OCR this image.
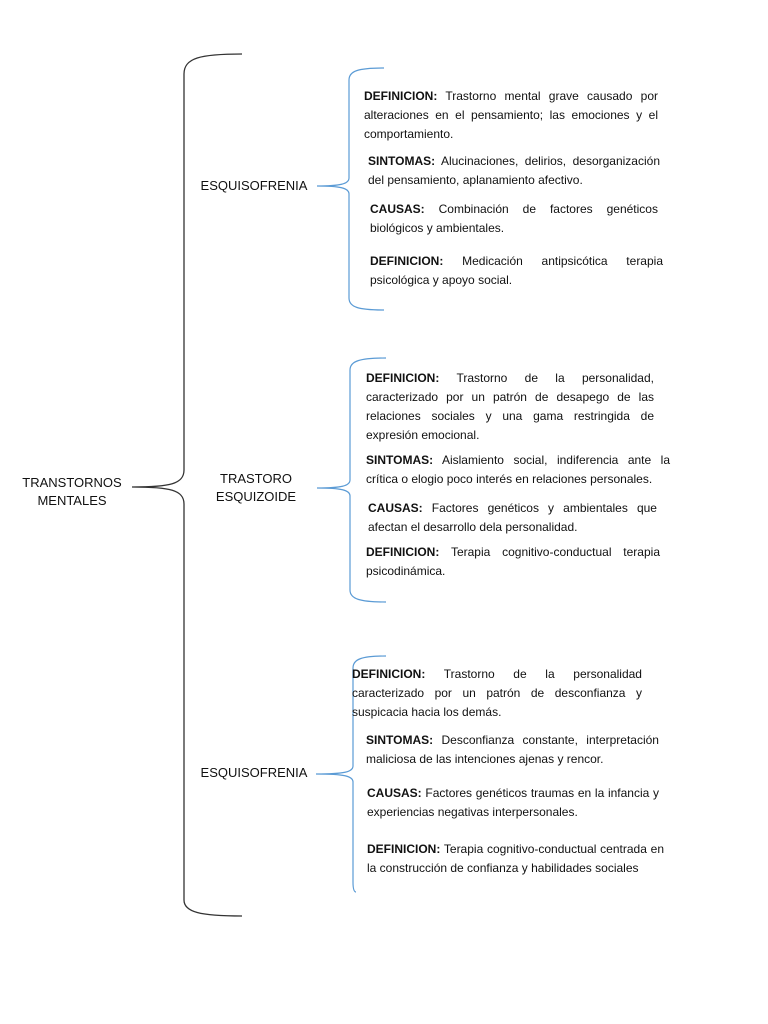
TRANSTORNOS MENTALES
ESQUISOFRENIA
TRASTORO ESQUIZOIDE
ESQUISOFRENIA
DEFINICION: Trastorno mental grave causado por alteraciones en el pensamiento; las emociones y el comportamiento.
SINTOMAS: Alucinaciones, delirios, desorganización del pensamiento, aplanamiento afectivo.
CAUSAS: Combinación de factores genéticos biológicos y ambientales.
DEFINICION: Medicación antipsicótica terapia psicológica y apoyo social.
DEFINICION: Trastorno de la personalidad, caracterizado por un patrón de desapego de las relaciones sociales y una gama restringida de expresión emocional.
SINTOMAS: Aislamiento social, indiferencia ante la crítica o elogio poco interés en relaciones personales.
CAUSAS: Factores genéticos y ambientales que afectan el desarrollo dela personalidad.
DEFINICION: Terapia cognitivo-conductual terapia psicodinámica.
DEFINICION: Trastorno de la personalidad caracterizado por un patrón de desconfianza y suspicacia hacia los demás.
SINTOMAS: Desconfianza constante, interpretación maliciosa de las intenciones ajenas y rencor.
CAUSAS: Factores genéticos traumas en la infancia y experiencias negativas interpersonales.
DEFINICION: Terapia cognitivo-conductual centrada en la construcción de confianza y habilidades sociales
